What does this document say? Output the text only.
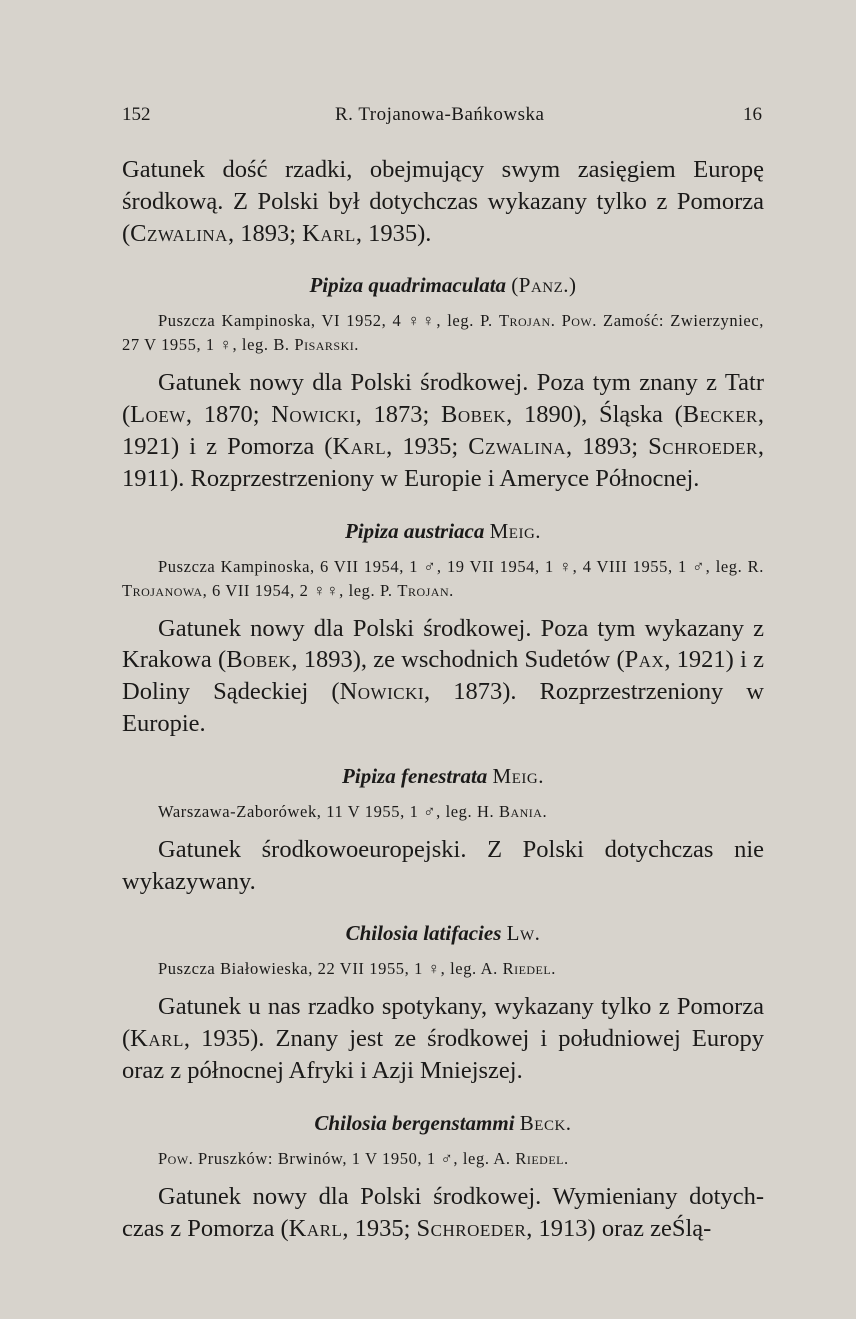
152	R. Trojanowa-Bańkowska	16

Gatunek dość rzadki, obejmujący swym zasięgiem Europę środkową. Z Polski był dotychczas wykazany tylko z Pomorza (Czwalina, 1893; Karl, 1935).

Pipiza quadrimaculata (Panz.)

Puszcza Kampinoska, VI 1952, 4 ♀♀, leg. P. Trojan. Pow. Zamość: Zwierzyniec, 27 V 1955, 1 ♀, leg. B. Pisarski.

Gatunek nowy dla Polski środkowej. Poza tym znany z Tatr (Loew, 1870; Nowicki, 1873; Bobek, 1890), Śląska (Becker, 1921) i z Pomorza (Karl, 1935; Czwalina, 1893; Schroeder, 1911). Rozprzestrzeniony w Europie i Ameryce Północnej.

Pipiza austriaca Meig.

Puszcza Kampinoska, 6 VII 1954, 1 ♂, 19 VII 1954, 1 ♀, 4 VIII 1955, 1 ♂, leg. R. Trojanowa, 6 VII 1954, 2 ♀♀, leg. P. Trojan.

Gatunek nowy dla Polski środkowej. Poza tym wykazany z Krakowa (Bobek, 1893), ze wschodnich Sudetów (Pax, 1921) i z Doliny Sądeckiej (Nowicki, 1873). Rozprzestrzeniony w Europie.

Pipiza fenestrata Meig.

Warszawa-Zaborówek, 11 V 1955, 1 ♂, leg. H. Bania.

Gatunek środkowoeuropejski. Z Polski dotychczas nie wykazywany.

Chilosia latifacies Lw.

Puszcza Białowieska, 22 VII 1955, 1 ♀, leg. A. Riedel.

Gatunek u nas rzadko spotykany, wykazany tylko z Pomorza (Karl, 1935). Znany jest ze środkowej i południowej Europy oraz z północnej Afryki i Azji Mniejszej.

Chilosia bergenstammi Beck.

Pow. Pruszków: Brwinów, 1 V 1950, 1 ♂, leg. A. Riedel.

Gatunek nowy dla Polski środkowej. Wymieniany dotychczas z Pomorza (Karl, 1935; Schroeder, 1913) oraz zeŚlą-
